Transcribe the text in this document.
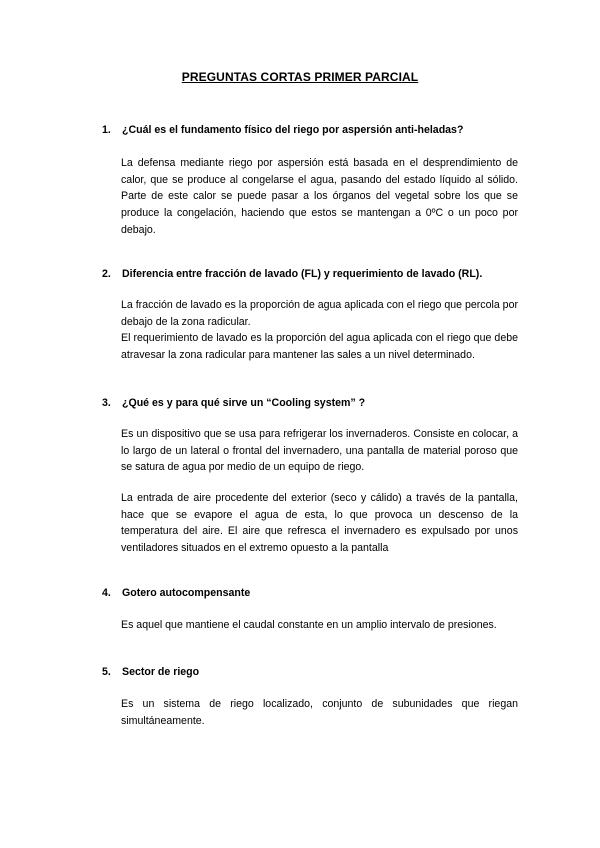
PREGUNTAS CORTAS PRIMER PARCIAL
1. ¿Cuál es el fundamento físico del riego por aspersión anti-heladas?
La defensa mediante riego por aspersión está basada en el desprendimiento de calor, que se produce al congelarse el agua, pasando del estado líquido al sólido. Parte de este calor se puede pasar a los órganos del vegetal sobre los que se produce la congelación, haciendo que estos se mantengan a 0ºC o un poco por debajo.
2. Diferencia entre fracción de lavado (FL) y requerimiento de lavado (RL).
La fracción de lavado es la proporción de agua aplicada con el riego que percola por debajo de la zona radicular.
El requerimiento de lavado es la proporción del agua aplicada con el riego que debe atravesar la zona radicular para mantener las sales a un nivel determinado.
3. ¿Qué es y para qué sirve un “Cooling system” ?
Es un dispositivo que se usa para refrigerar los invernaderos. Consiste en colocar, a lo largo de un lateral o frontal del invernadero, una pantalla de material poroso que se satura de agua por medio de un equipo de riego.
La entrada de aire procedente del exterior (seco y cálido) a través de la pantalla, hace que se evapore el agua de esta, lo que provoca un descenso de la temperatura del aire. El aire que refresca el invernadero es expulsado por unos ventiladores situados en el extremo opuesto a la pantalla
4. Gotero autocompensante
Es aquel que mantiene el caudal constante en un amplio intervalo de presiones.
5. Sector de riego
Es un sistema de riego localizado, conjunto de subunidades que riegan simultáneamente.
